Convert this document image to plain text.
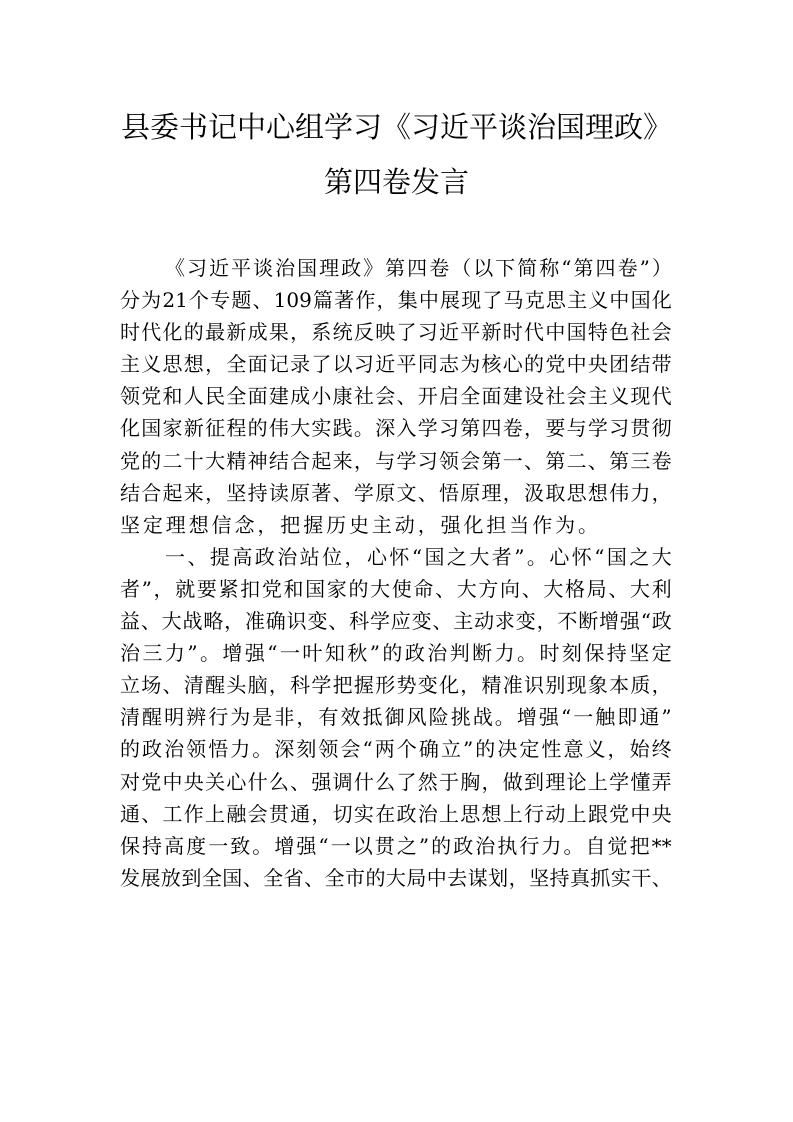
县委书记中心组学习《习近平谈治国理政》
第四卷发言
《 习 近 平 谈 治 国 理 政 》 第 四 卷 （ 以 下 简 称 “ 第 四 卷 ” ）
分 为 21 个 专 题 、 109 篇 著 作 ， 集 中 展 现 了 马 克 思 主 义 中 国 化
时 代 化 的 最 新 成 果 ， 系 统 反 映 了 习 近 平 新 时 代 中 国 特 色 社 会
主 义 思 想 ， 全 面 记 录 了 以 习 近 平 同 志 为 核 心 的 党 中 央 团 结 带
领 党 和 人 民 全 面 建 成 小 康 社 会 、 开 启 全 面 建 设 社 会 主 义 现 代
化 国 家 新 征 程 的 伟 大 实 践 。 深 入 学 习 第 四 卷 ， 要 与 学 习 贯 彻
党 的 二 十 大 精 神 结 合 起 来 ， 与 学 习 领 会 第 一 、 第 二 、 第 三 卷
结 合 起 来 ， 坚 持 读 原 著 、 学 原 文 、 悟 原 理 ， 汲 取 思 想 伟 力 ，
坚定理想信念，把握历史主动，强化担当作为。
一 、 提 高 政 治 站 位 ， 心 怀 “ 国 之 大 者 ” 。 心 怀 “ 国 之 大
者 ” ， 就 要 紧 扣 党 和 国 家 的 大 使 命 、 大 方 向 、 大 格 局 、 大 利
益 、 大 战 略 ， 准 确 识 变 、 科 学 应 变 、 主 动 求 变 ， 不 断 增 强 “ 政
治 三 力 ” 。 增 强 “ 一 叶 知 秋 ” 的 政 治 判 断 力 。 时 刻 保 持 坚 定
立 场 、 清 醒 头 脑 ， 科 学 把 握 形 势 变 化 ， 精 准 识 别 现 象 本 质 ，
清 醒 明 辨 行 为 是 非 ， 有 效 抵 御 风 险 挑 战 。 增 强 “ 一 触 即 通 ”
的 政 治 领 悟 力 。 深 刻 领 会 “ 两 个 确 立 ” 的 决 定 性 意 义 ， 始 终
对 党 中 央 关 心 什 么 、 强 调 什 么 了 然 于 胸 ， 做 到 理 论 上 学 懂 弄
通 、 工 作 上 融 会 贯 通 ， 切 实 在 政 治 上 思 想 上 行 动 上 跟 党 中 央
保 持 高 度 一 致 。 增 强 “ 一 以 贯 之 ” 的 政 治 执 行 力 。 自 觉 把 **
发 展 放 到 全 国 、 全 省 、 全 市 的 大 局 中 去 谋 划 ， 坚 持 真 抓 实 干 、
